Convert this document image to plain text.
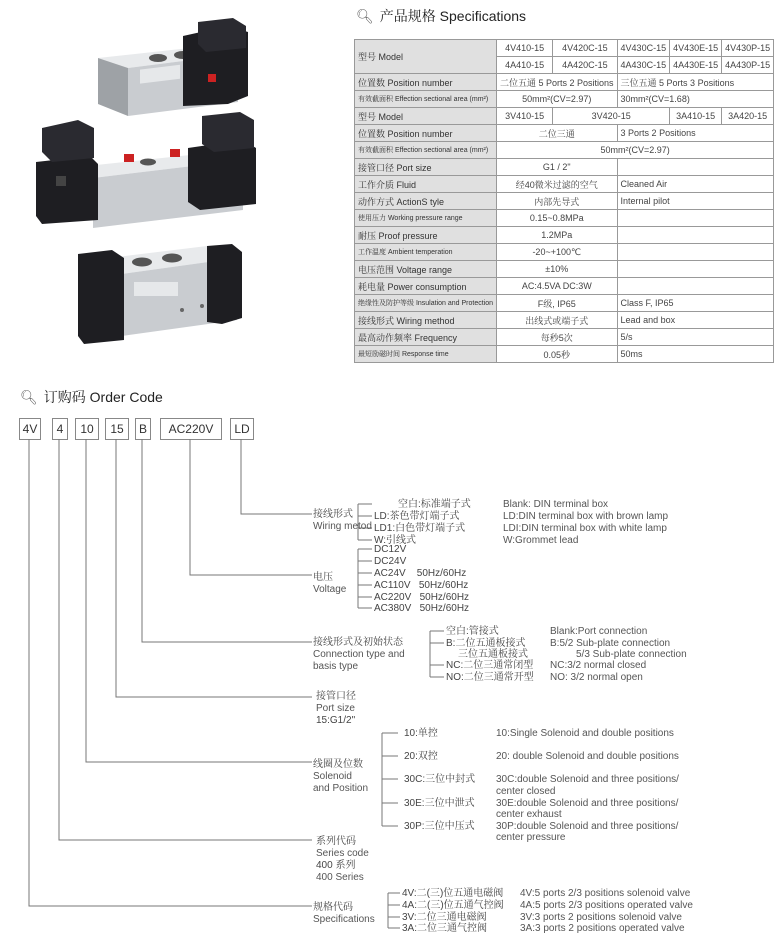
🔍︎ 产品规格 Specifications
型号 Model	4V410-15	4V420C-15	4V430C-15	4V430E-15	4V430P-15
	4A410-15	4A420C-15	4A430C-15	4A430E-15	4A430P-15
位置数 Position number	二位五通 5 Ports 2 Positions		三位五通 5 Ports 3 Positions		
有效截面积 Effection sectional area (mm²)	50mm²(CV=2.97)		30mm²(CV=1.68)		
型号 Model	3V410-15	3V420-15		3A410-15	3A420-15
位置数 Position number	二位三通		3 Ports 2 Positions		
有效截面积 Effection sectional area (mm²)	50mm²(CV=2.97)				
接管口径 Port size	G1 / 2"				
工作介质 Fluid	经40微米过滤的空气		Cleaned Air		
动作方式 ActionS tyle	内部先导式		Internal pilot		
使用压力 Working pressure range	0.15~0.8MPa				
耐压 Proof pressure	1.2MPa				
工作温度 Ambient temperation	-20~+100℃				
电压范围 Voltage range	±10%				
耗电量 Power consumption	AC:4.5VA DC:3W				
绝缘性及防护等级 Insulation and Protection	F级, IP65		Class F, IP65		
接线形式 Wiring method	出线式或端子式		Lead and box		
最高动作频率 Frequency	每秒5次		5/s		
最短励磁时间 Response time	0.05秒		50ms		
🔍︎ 订购码 Order Code
4V	4	10	15	B	AC220V	LD
接线形式
Wiring metod
空白:标准端子式
LD:茶色带灯端子式
LD1:白色带灯端子式
W:引线式
Blank: DIN terminal box
LD:DIN terminal box with brown lamp
LDI:DIN terminal box with white lamp
W:Grommet lead
电压
Voltage
DC12V
DC24V
AC24V    50Hz/60Hz
AC110V   50Hz/60Hz
AC220V   50Hz/60Hz
AC380V   50Hz/60Hz
接线形式及初始状态
Connection type and
basis type
空白:管接式
B:二位五通板接式
三位五通板接式
NC:二位三通常闭型
NO:二位三通常开型
Blank:Port connection
B:5/2 Sub-plate connection
5/3 Sub-plate connection
NC:3/2 normal closed
NO: 3/2 normal open
接管口径
Port size
15:G1/2"
线圈及位数
Solenoid
and Position
10:单控
20:双控
30C:三位中封式
30E:三位中泄式
30P:三位中压式
10:Single Solenoid and double positions
20: double Solenoid and double positions
30C:double Solenoid and three positions/
center closed
30E:double Solenoid and three positions/
center exhaust
30P:double Solenoid and three positions/
center pressure
系列代码
Series code
400 系列
400 Series
规格代码
Specifications
4V:二(三)位五通电磁阀
4A:二(三)位五通气控阀
3V:二位三通电磁阀
3A:二位三通气控阀
4V:5 ports 2/3 positions solenoid valve
4A:5 ports 2/3 positions operated valve
3V:3 ports 2 positions solenoid valve
3A:3 ports 2 positions operated valve
